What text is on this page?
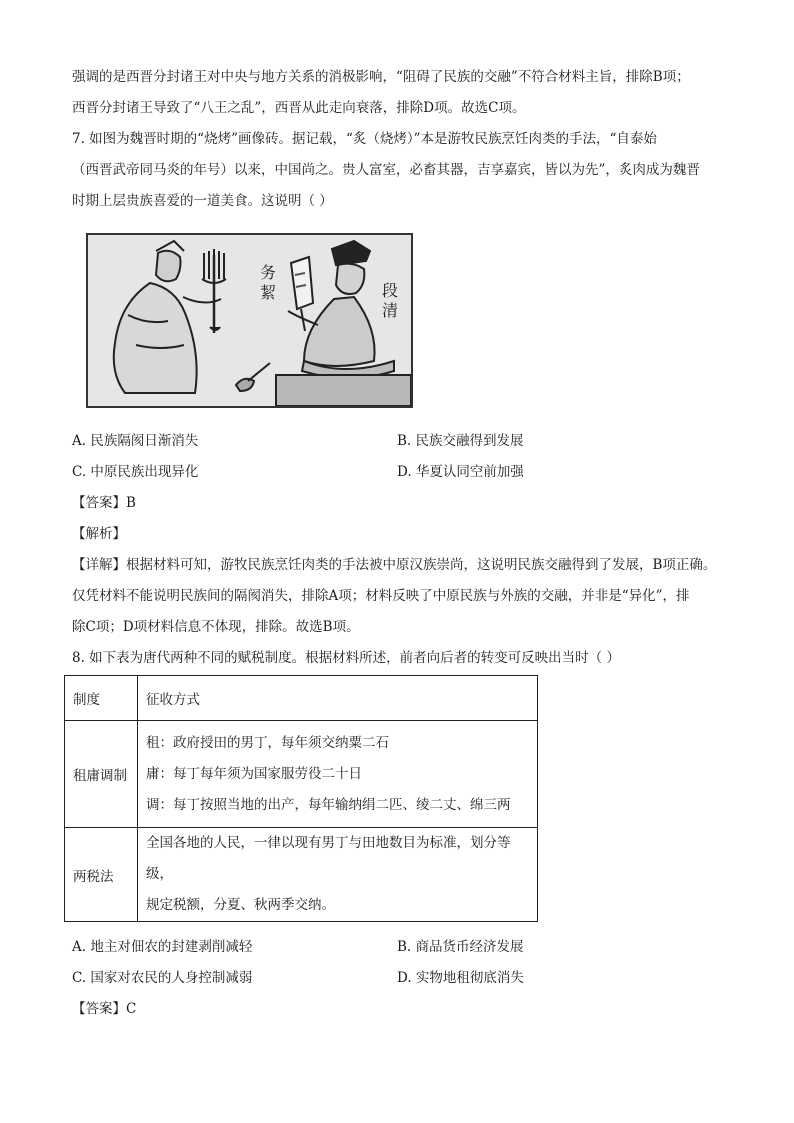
强调的是西晋分封诸王对中央与地方关系的消极影响，“阻碍了民族的交融”不符合材料主旨，排除B项；
西晋分封诸王导致了“八王之乱”，西晋从此走向衰落，排除D项。故选C项。
7. 如图为魏晋时期的“烧烤”画像砖。据记载，“炙（烧烤）”本是游牧民族烹饪肉类的手法，“自泰始
（西晋武帝同马炎的年号）以来，中国尚之。贵人富室，必畜其器，吉享嘉宾，皆以为先”，炙肉成为魏晋
时期上层贵族喜爱的一道美食。这说明（ ）
务絜	段清
A. 民族隔阂日渐消失	B. 民族交融得到发展
C. 中原民族出现异化	D. 华夏认同空前加强
【答案】B
【解析】
【详解】根据材料可知，游牧民族烹饪肉类的手法被中原汉族崇尚，这说明民族交融得到了发展，B项正确。
仅凭材料不能说明民族间的隔阂消失，排除A项；材料反映了中原民族与外族的交融，并非是“异化”，排
除C项；D项材料信息不体现，排除。故选B项。
8. 如下表为唐代两种不同的赋税制度。根据材料所述，前者向后者的转变可反映出当时（ ）
制度	征收方式
租庸调制	租：政府授田的男丁，每年须交纳粟二石
庸：每丁每年须为国家服劳役二十日
调：每丁按照当地的出产，每年输纳绢二匹、绫二丈、绵三两

两税法	全国各地的人民，一律以现有男丁与田地数目为标准，划分等级，
规定税额，分夏、秋两季交纳。
A. 地主对佃农的封建剥削减轻	B. 商品货币经济发展
C. 国家对农民的人身控制减弱	D. 实物地租彻底消失
【答案】C
